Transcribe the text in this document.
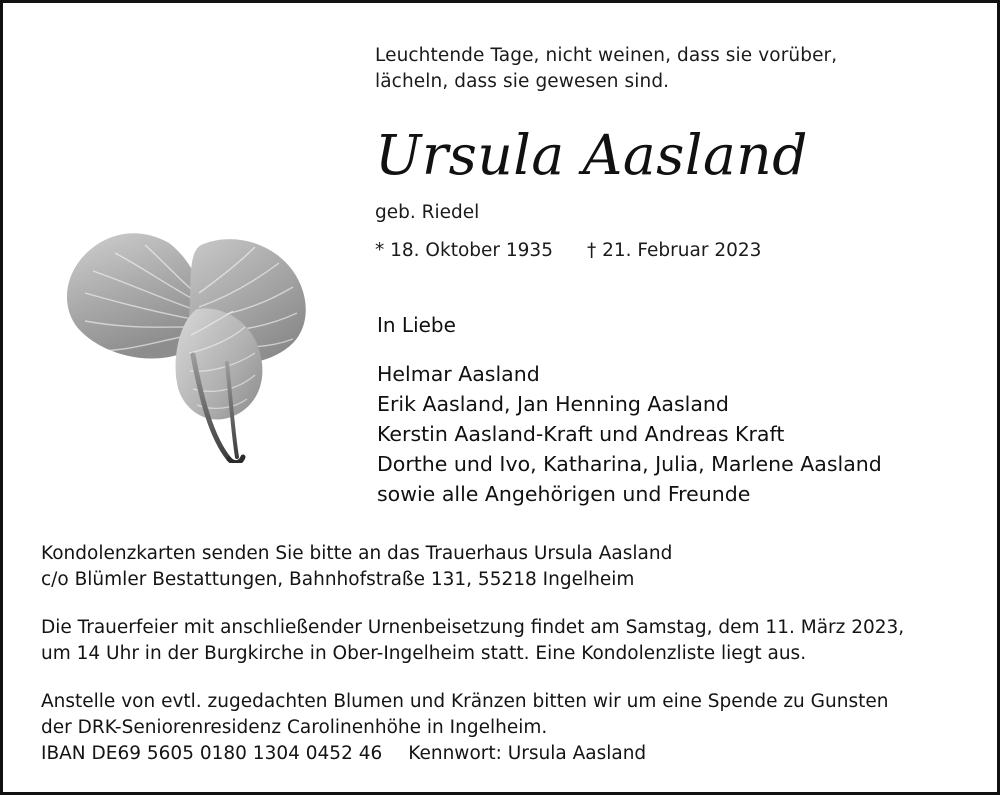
Leuchtende Tage, nicht weinen, dass sie vorüber,
lächeln, dass sie gewesen sind.
Ursula Aasland
geb. Riedel
* 18. Oktober 1935 † 21. Februar 2023
In Liebe
Helmar Aasland
Erik Aasland, Jan Henning Aasland
Kerstin Aasland-Kraft und Andreas Kraft
Dorthe und Ivo, Katharina, Julia, Marlene Aasland
sowie alle Angehörigen und Freunde

Kondolenzkarten senden Sie bitte an das Trauerhaus Ursula Aasland

c/o Blümler Bestattungen, Bahnhofstraße 131, 55218 Ingelheim

Die Trauerfeier mit anschließender Urnenbeisetzung findet am Samstag, dem 11. März 2023,

um 14 Uhr in der Burgkirche in Ober-Ingelheim statt. Eine Kondolenzliste liegt aus.

Anstelle von evtl. zugedachten Blumen und Kränzen bitten wir um eine Spende zu Gunsten

der DRK-Seniorenresidenz Carolinenhöhe in Ingelheim.

IBAN DE69 5605 0180 1304 0452 46 Kennwort: Ursula Aasland
